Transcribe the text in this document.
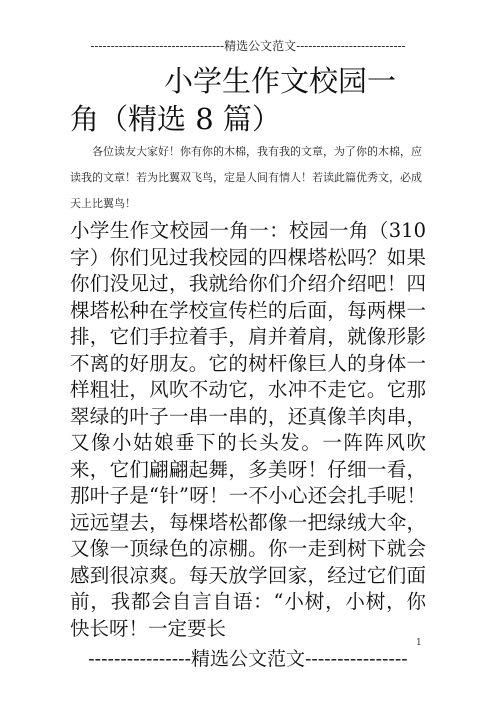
---------------------------------精选公文范文---------------------------
小学生作文校园一
角（精选 8 篇）
各位读友大家好！你有你的木棉，我有我的文章，为了你的木棉，应读我的文章！若为比翼双飞鸟，定是人间有情人！若读此篇优秀文，必成天上比翼鸟！
小学生作文校园一角一：校园一角（310字）你们见过我校园的四棵塔松吗？如果你们没见过，我就给你们介绍介绍吧！四棵塔松种在学校宣传栏的后面，每两棵一排，它们手拉着手，肩并着肩，就像形影不离的好朋友。它的树杆像巨人的身体一样粗壮，风吹不动它，水冲不走它。它那翠绿的叶子一串一串的，还真像羊肉串，又像小姑娘垂下的长头发。一阵阵风吹来，它们翩翩起舞，多美呀！仔细一看，那叶子是“针”呀！一不小心还会扎手呢！远远望去，每棵塔松都像一把绿绒大伞，又像一顶绿色的凉棚。你一走到树下就会感到很凉爽。每天放学回家，经过它们面前，我都会自言自语：“小树，小树，你快长呀！一定要长
1
----------------精选公文范文----------------
